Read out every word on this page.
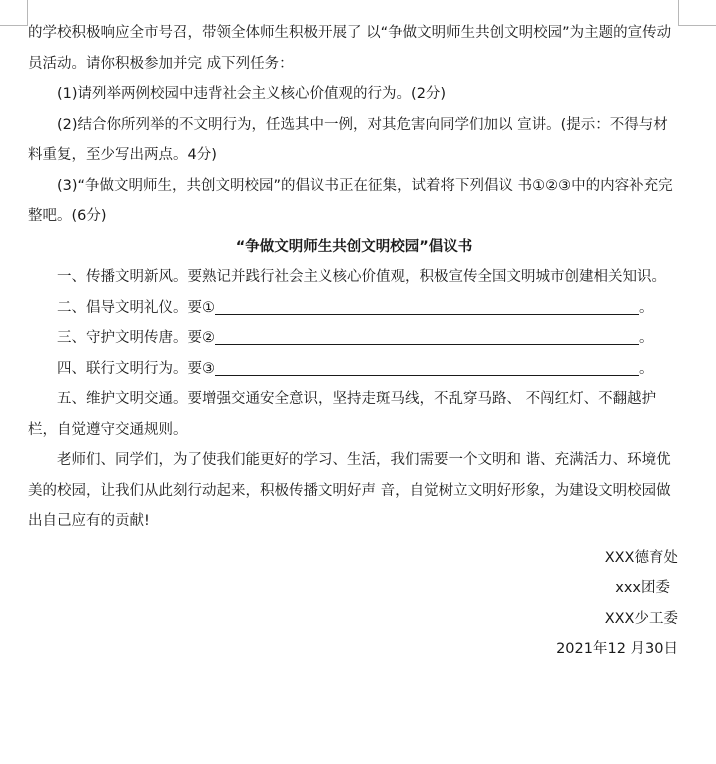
的学校积极响应全市号召，带领全体师生积极开展了 以“争做文明师生共创文明校园”为主题的宣传动员活动。请你积极参加并完 成下列任务：

(1)请列举两例校园中违背社会主义核心价值观的行为。(2分)

(2)结合你所列举的不文明行为，任选其中一例，对其危害向同学们加以 宣讲。(提示：不得与材料重复，至少写出两点。4分)

(3)“争做文明师生，共创文明校园”的倡议书正在征集，试着将下列倡议 书①②③中的内容补充完整吧。(6分)

“争做文明师生共创文明校园”倡议书

一、传播文明新风。要熟记并践行社会主义核心价值观，积极宣传全国文明城市创建相关知识。

二、倡导文明礼仪。要①	。

三、守护文明传唐。要②	。

四、联行文明行为。要③	。

五、维护文明交通。要增强交通安全意识，坚持走斑马线，不乱穿马路、 不闯红灯、不翻越护栏，自觉遵守交通规则。

老师们、同学们，为了使我们能更好的学习、生活，我们需要一个文明和 谐、充满活力、环境优美的校园，让我们从此刻行动起来，积极传播文明好声 音，自觉树立文明好形象，为建设文明校园做出自己应有的贡献!

XXX德育处

xxx团委

XXX少工委

2021年12 月30日
